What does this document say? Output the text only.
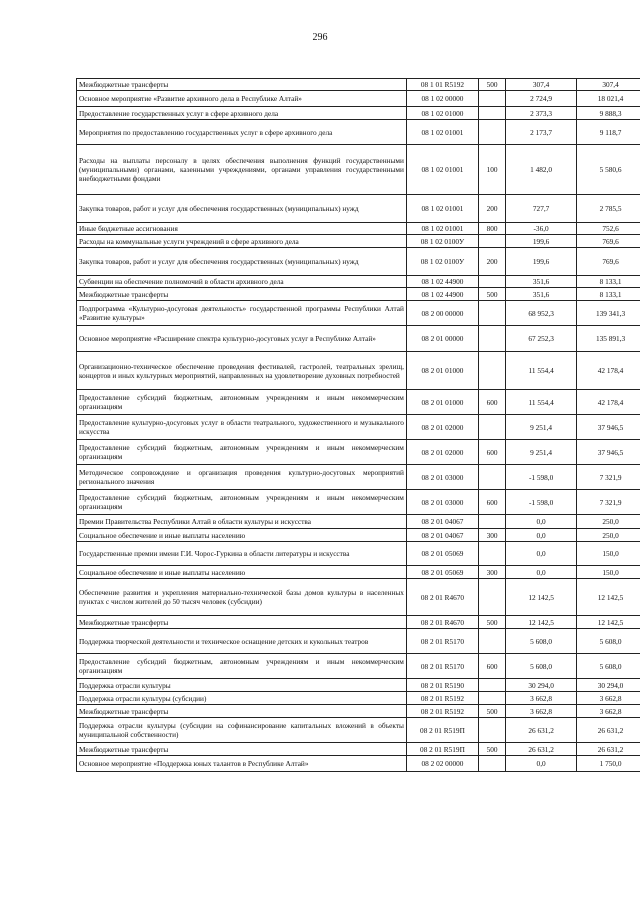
296
Межбюджетные трансферты	08 1 01 R5192	500	307,4	307,4
Основное мероприятие «Развитие архивного дела в Республике Алтай»	08 1 02 00000		2 724,9	18 021,4
Предоставление государственных услуг в сфере архивного дела	08 1 02 01000		2 373,3	9 888,3
Мероприятия по предоставлению государственных услуг в сфере архивного дела	08 1 02 01001		2 173,7	9 118,7
Расходы на выплаты персоналу в целях обеспечения выполнения функций государственными (муниципальными) органами, казенными учреждениями, органами управления государственными внебюджетными фондами	08 1 02 01001	100	1 482,0	5 580,6
Закупка товаров, работ и услуг для обеспечения государственных (муниципальных) нужд	08 1 02 01001	200	727,7	2 785,5
Иные бюджетные ассигнования	08 1 02 01001	800	-36,0	752,6
Расходы на коммунальные услуги учреждений в сфере архивного дела	08 1 02 0100У		199,6	769,6
Закупка товаров, работ и услуг для обеспечения государственных (муниципальных) нужд	08 1 02 0100У	200	199,6	769,6
Субвенции на обеспечение полномочий в области архивного дела	08 1 02 44900		351,6	8 133,1
Межбюджетные трансферты	08 1 02 44900	500	351,6	8 133,1
Подпрограмма «Культурно-досуговая деятельность» государственной программы Республики Алтай «Развитие культуры»	08 2 00 00000		68 952,3	139 341,3
Основное мероприятие «Расширение спектра культурно-досуговых услуг в Республике Алтай»	08 2 01 00000		67 252,3	135 891,3
Организационно-техническое обеспечение проведения фестивалей, гастролей, театральных зрелищ, концертов и иных культурных мероприятий, направленных на удовлетворение духовных потребностей	08 2 01 01000		11 554,4	42 178,4
Предоставление субсидий бюджетным, автономным учреждениям и иным некоммерческим организациям	08 2 01 01000	600	11 554,4	42 178,4
Предоставление культурно-досуговых услуг в области театрального, художественного и музыкального искусства	08 2 01 02000		9 251,4	37 946,5
Предоставление субсидий бюджетным, автономным учреждениям и иным некоммерческим организациям	08 2 01 02000	600	9 251,4	37 946,5
Методическое сопровождение и организация проведения культурно-досуговых мероприятий регионального значения	08 2 01 03000		-1 598,0	7 321,9
Предоставление субсидий бюджетным, автономным учреждениям и иным некоммерческим организациям	08 2 01 03000	600	-1 598,0	7 321,9
Премии Правительства Республики Алтай в области культуры и искусства	08 2 01 04067		0,0	250,0
Социальное обеспечение и иные выплаты населению	08 2 01 04067	300	0,0	250,0
Государственные премии имени Г.И. Чорос-Гуркина в области литературы и искусства	08 2 01 05069		0,0	150,0
Социальное обеспечение и иные выплаты населению	08 2 01 05069	300	0,0	150,0
Обеспечение развития и укрепления материально-технической базы домов культуры в населенных пунктах с числом жителей до 50 тысяч человек (субсидии)	08 2 01 R4670		12 142,5	12 142,5
Межбюджетные трансферты	08 2 01 R4670	500	12 142,5	12 142,5
Поддержка творческой деятельности и техническое оснащение детских и кукольных театров	08 2 01 R5170		5 608,0	5 608,0
Предоставление субсидий бюджетным, автономным учреждениям и иным некоммерческим организациям	08 2 01 R5170	600	5 608,0	5 608,0
Поддержка отрасли культуры	08 2 01 R5190		30 294,0	30 294,0
Поддержка отрасли культуры (субсидии)	08 2 01 R5192		3 662,8	3 662,8
Межбюджетные трансферты	08 2 01 R5192	500	3 662,8	3 662,8
Поддержка отрасли культуры (субсидии на софинансирование капитальных вложений в объекты муниципальной собственности)	08 2 01 R519П		26 631,2	26 631,2
Межбюджетные трансферты	08 2 01 R519П	500	26 631,2	26 631,2
Основное мероприятие «Поддержка юных талантов в Республике Алтай»	08 2 02 00000		0,0	1 750,0
